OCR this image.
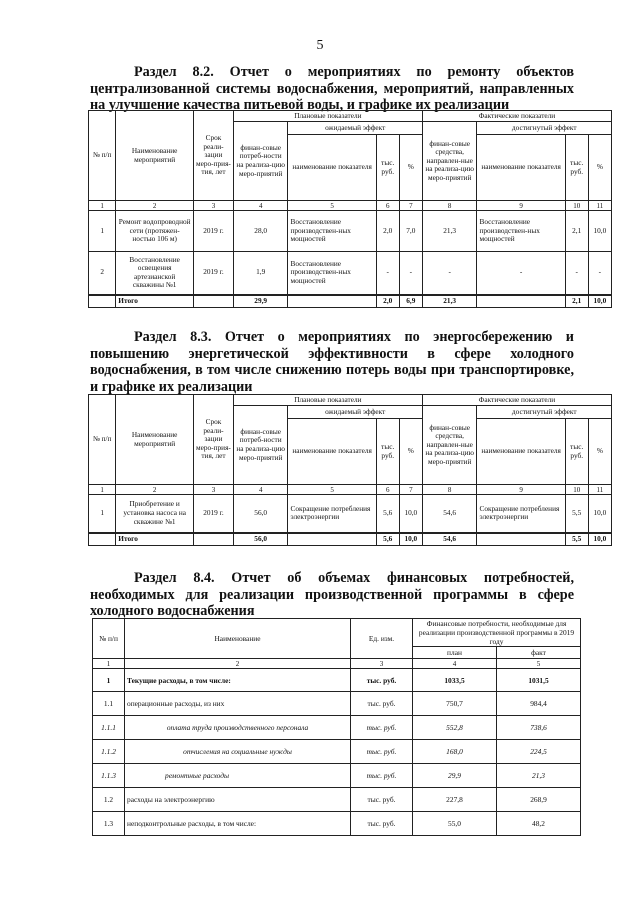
5
Раздел 8.2. Отчет о мероприятиях по ремонту объектов централизованной системы водоснабжения, мероприятий, направленных на улучшение качества питьевой воды, и графике их реализации
№ п/п	Наименование мероприятий	Срок реали-зации меро-прия-тия, лет	Плановые показатели				Фактические показатели			
			финан-совые потреб-ности на реализа-цию меро-приятий	ожидаемый эффект			финан-совые средства, направлен-ные на реализа-цию меро-приятий	достигнутый эффект		
				наименование показателя	тыс. руб.	%		наименование показателя	тыс. руб.	%
1	2	3	4	5	6	7	8	9	10	11
1	Ремонт водопроводной сети (протяжен-ностью 106 м)	2019 г.	28,0	Восстановление производствен-ных мощностей	2,0	7,0	21,3	Восстановление производствен-ных мощностей	2,1	10,0
2	Восстановление освещения артезианской скважины №1	2019 г.	1,9	Восстановление производствен-ных мощностей	-	-	-	-	-	-
	Итого		29,9		2,0	6,9	21,3		2,1	10,0
Раздел 8.3. Отчет о мероприятиях по энергосбережению и повышению энергетической эффективности в сфере холодного водоснабжения, в том числе снижению потерь воды при транспортировке, и графике их реализации
№ п/п	Наименование мероприятий	Срок реали-зации меро-прия-тия, лет	Плановые показатели				Фактические показатели			
			финан-совые потреб-ности на реализа-цию меро-приятий	ожидаемый эффект			финан-совые средства, направлен-ные на реализа-цию меро-приятий	достигнутый эффект		
				наименование показателя	тыс. руб.	%		наименование показателя	тыс. руб.	%
1	2	3	4	5	6	7	8	9	10	11
1	Приобретение и установка насоса на скважине №1	2019 г.	56,0	Сокращение потребления электроэнергии	5,6	10,0	54,6	Сокращение потребления электроэнергии	5,5	10,0
	Итого		56,0		5,6	10,0	54,6		5,5	10,0
Раздел 8.4. Отчет об объемах финансовых потребностей, необходимых для реализации производственной программы в сфере холодного водоснабжения
№ п/п	Наименование	Ед. изм.	Финансовые потребности, необходимые для реализации производственной программы в 2019 году	
			план	факт
1	2	3	4	5
1	Текущие расходы, в том числе:	тыс. руб.	1033,5	1031,5
1.1	операционные расходы, из них	тыс. руб.	750,7	984,4
1.1.1	оплата труда производственного персонала	тыс. руб.	552,8	738,6
1.1.2	отчисления на социальные нужды	тыс. руб.	168,0	224,5
1.1.3	ремонтные расходы	тыс. руб.	29,9	21,3
1.2	расходы на электроэнергию	тыс. руб.	227,8	268,9
1.3	неподконтрольные расходы, в том числе:	тыс. руб.	55,0	48,2
